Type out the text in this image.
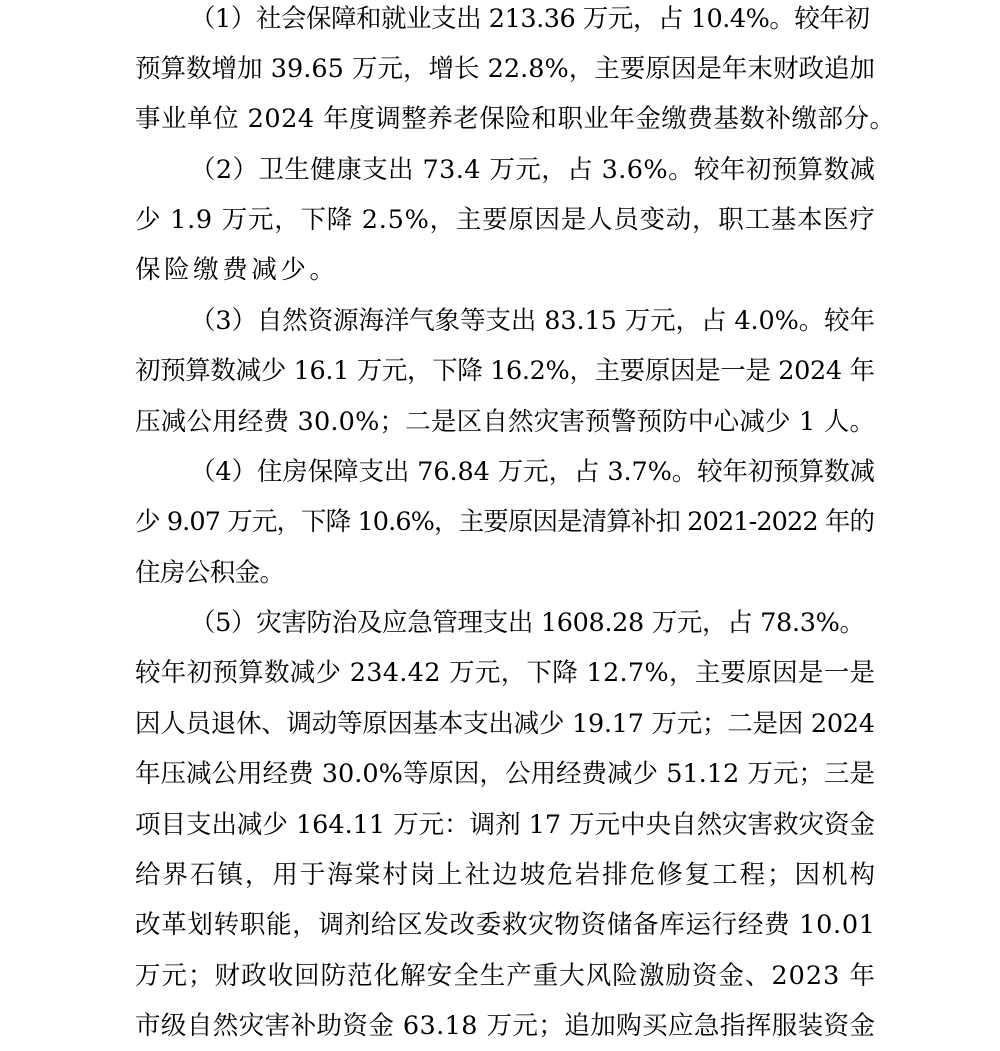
（1）社会保障和就业支出 213.36 万元，占 10.4%。较年初
预算数增加 39.65 万元，增长 22.8%，主要原因是年末财政追加
事业单位 2024 年度调整养老保险和职业年金缴费基数补缴部分。
（2）卫生健康支出 73.4 万元，占 3.6%。较年初预算数减
少 1.9 万元，下降 2.5%，主要原因是人员变动，职工基本医疗
保险缴费减少。
（3）自然资源海洋气象等支出 83.15 万元，占 4.0%。较年
初预算数减少 16.1 万元，下降 16.2%，主要原因是一是 2024 年
压减公用经费 30.0%；二是区自然灾害预警预防中心减少 1 人。
（4）住房保障支出 76.84 万元，占 3.7%。较年初预算数减
少 9.07 万元，下降 10.6%，主要原因是清算补扣 2021-2022 年的
住房公积金。
（5）灾害防治及应急管理支出 1608.28 万元，占 78.3%。
较年初预算数减少 234.42 万元，下降 12.7%，主要原因是一是
因人员退休、调动等原因基本支出减少 19.17 万元；二是因 2024
年压减公用经费 30.0%等原因，公用经费减少 51.12 万元；三是
项目支出减少 164.11 万元：调剂 17 万元中央自然灾害救灾资金
给界石镇，用于海棠村岗上社边坡危岩排危修复工程；因机构
改革划转职能，调剂给区发改委救灾物资储备库运行经费 10.01
万元；财政收回防范化解安全生产重大风险激励资金、2023 年
市级自然灾害补助资金 63.18 万元；追加购买应急指挥服装资金
